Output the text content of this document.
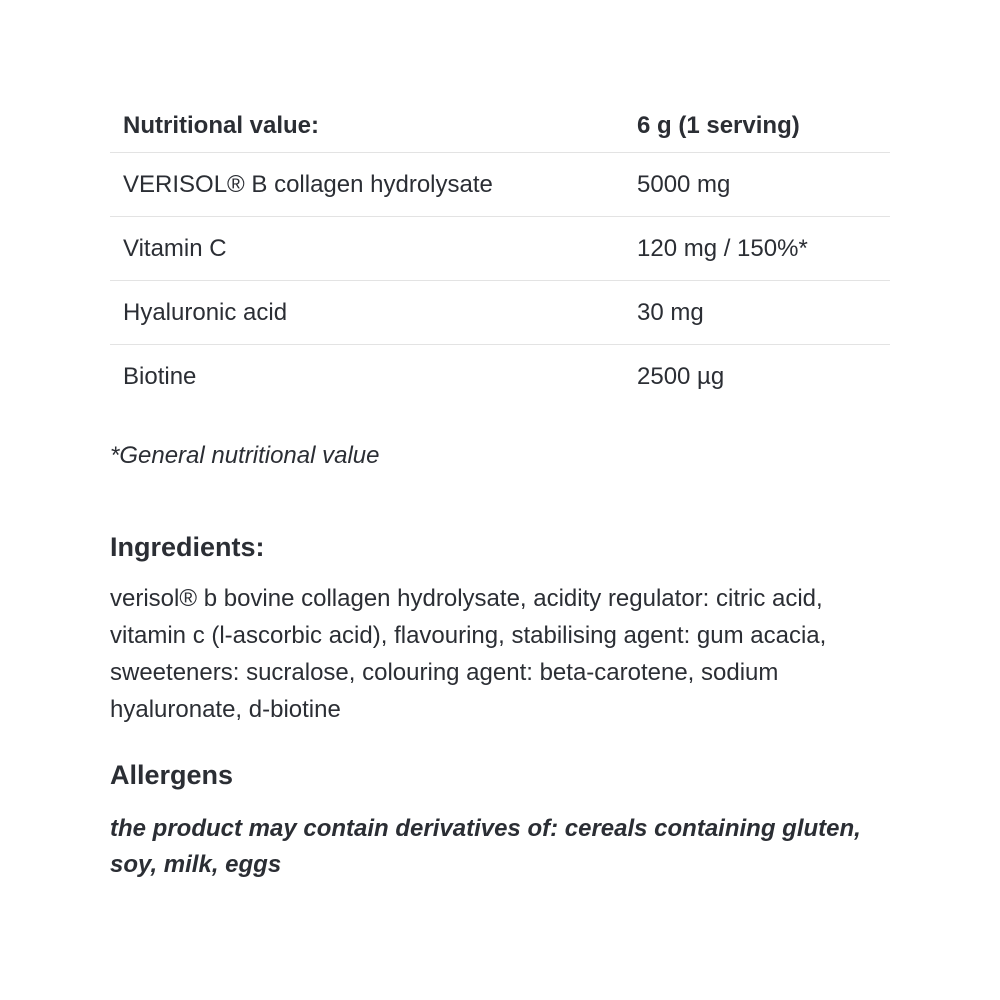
Nutritional value:	6 g (1 serving)
VERISOL® B collagen hydrolysate	5000 mg
Vitamin C	120 mg / 150%*
Hyaluronic acid	30 mg
Biotine	2500 µg
*General nutritional value
Ingredients:
verisol® b bovine collagen hydrolysate, acidity regulator: citric acid, vitamin c (l-ascorbic acid), flavouring, stabilising agent: gum acacia, sweeteners: sucralose, colouring agent: beta-carotene, sodium hyaluronate, d-biotine
Allergens
the product may contain derivatives of: cereals containing gluten, soy, milk, eggs
